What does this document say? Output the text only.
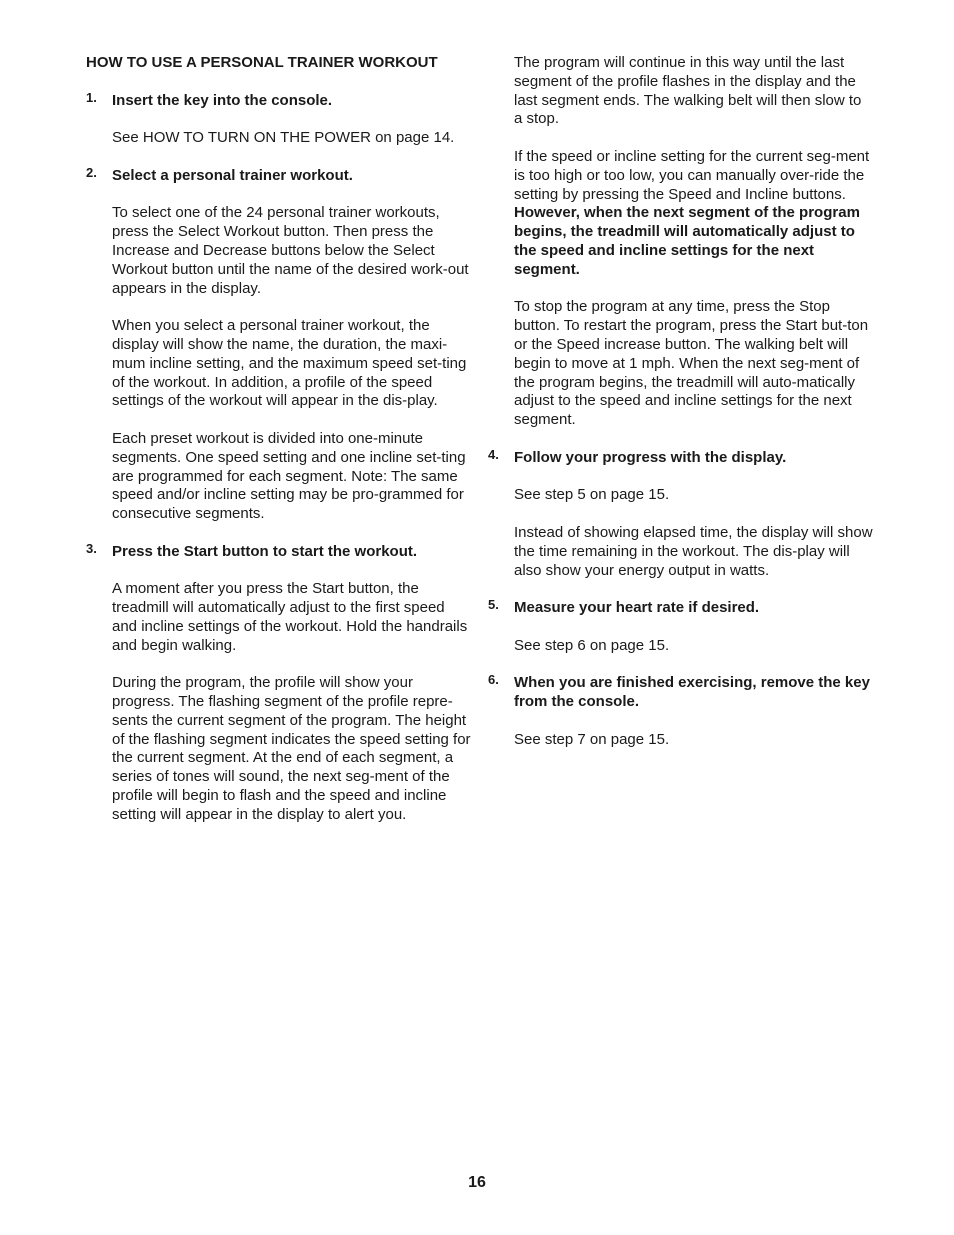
HOW TO USE A PERSONAL TRAINER WORKOUT
1. Insert the key into the console.
See HOW TO TURN ON THE POWER on page 14.
2. Select a personal trainer workout.
To select one of the 24 personal trainer workouts, press the Select Workout button. Then press the Increase and Decrease buttons below the Select Workout button until the name of the desired work-out appears in the display.
When you select a personal trainer workout, the display will show the name, the duration, the maxi-mum incline setting, and the maximum speed set-ting of the workout. In addition, a profile of the speed settings of the workout will appear in the dis-play.
Each preset workout is divided into one-minute segments. One speed setting and one incline set-ting are programmed for each segment. Note: The same speed and/or incline setting may be pro-grammed for consecutive segments.
3. Press the Start button to start the workout.
A moment after you press the Start button, the treadmill will automatically adjust to the first speed and incline settings of the workout. Hold the handrails and begin walking.
During the program, the profile will show your progress. The flashing segment of the profile repre-sents the current segment of the program. The height of the flashing segment indicates the speed setting for the current segment. At the end of each segment, a series of tones will sound, the next seg-ment of the profile will begin to flash and the speed and incline setting will appear in the display to alert you.
The program will continue in this way until the last segment of the profile flashes in the display and the last segment ends. The walking belt will then slow to a stop.
If the speed or incline setting for the current seg-ment is too high or too low, you can manually over-ride the setting by pressing the Speed and Incline buttons. However, when the next segment of the program begins, the treadmill will automatically adjust to the speed and incline settings for the next segment.
To stop the program at any time, press the Stop button. To restart the program, press the Start but-ton or the Speed increase button. The walking belt will begin to move at 1 mph. When the next seg-ment of the program begins, the treadmill will auto-matically adjust to the speed and incline settings for the next segment.
4. Follow your progress with the display.
See step 5 on page 15.
Instead of showing elapsed time, the display will show the time remaining in the workout. The dis-play will also show your energy output in watts.
5. Measure your heart rate if desired.
See step 6 on page 15.
6. When you are finished exercising, remove the key from the console.
See step 7 on page 15.
16
